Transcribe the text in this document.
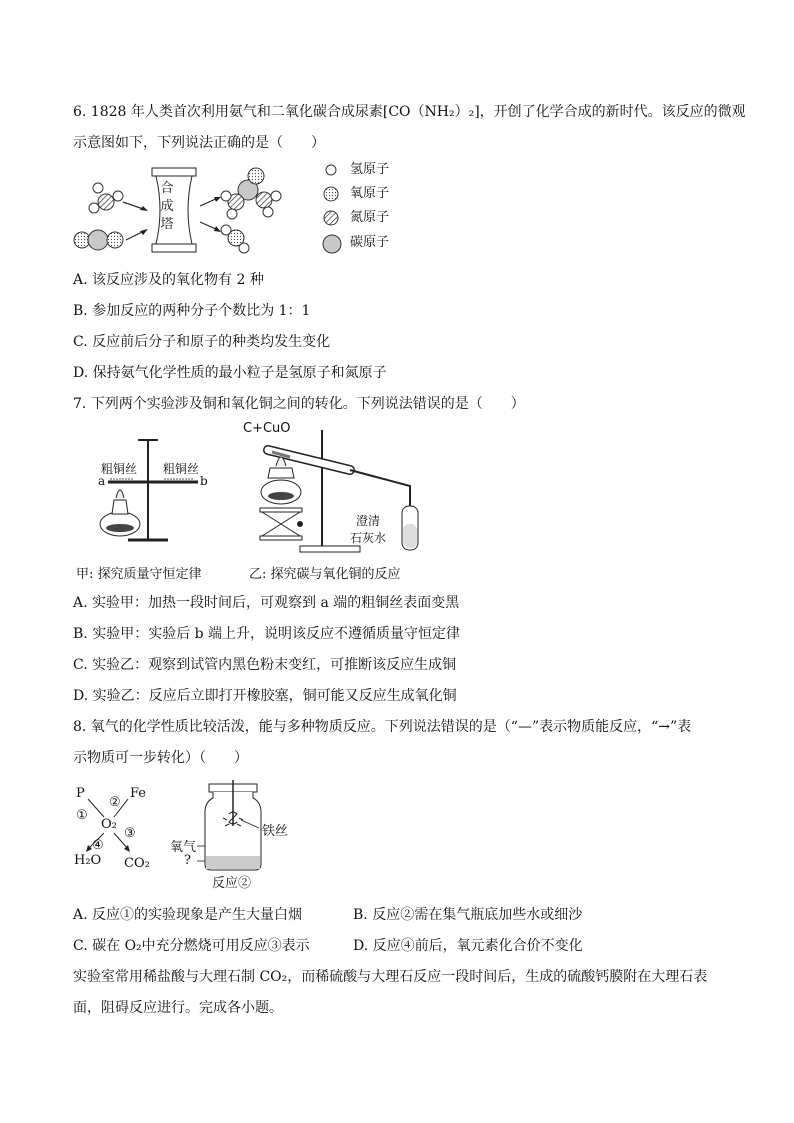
6. 1828 年人类首次利用氨气和二氧化碳合成尿素[CO（NH₂）₂]，开创了化学合成的新时代。该反应的微观
示意图如下，下列说法正确的是（　　）
合
成
塔
氢原子
氧原子
氮原子
碳原子
A. 该反应涉及的氧化物有 2 种
B. 参加反应的两种分子个数比为 1：1
C. 反应前后分子和原子的种类均发生变化
D. 保持氨气化学性质的最小粒子是氢原子和氮原子
7. 下列两个实验涉及铜和氧化铜之间的转化。下列说法错误的是（　　）
粗铜丝 粗铜丝
a	b
甲: 探究质量守恒定律
C+CuO
澄清
石灰水
乙: 探究碳与氧化铜的反应
A. 实验甲：加热一段时间后，可观察到 a 端的粗铜丝表面变黑
B. 实验甲：实验后 b 端上升，说明该反应不遵循质量守恒定律
C. 实验乙：观察到试管内黑色粉末变红，可推断该反应生成铜
D. 实验乙：反应后立即打开橡胶塞，铜可能又反应生成氧化铜
8. 氧气的化学性质比较活泼，能与多种物质反应。下列说法错误的是（“—”表示物质能反应，“→”表
示物质可一步转化）（　　）
P	Fe
①
②
O₂
③
④
H₂O CO₂
铁丝
氧气
?
反应②
A. 反应①的实验现象是产生大量白烟	B. 反应②需在集气瓶底加些水或细沙
C. 碳在 O₂中充分燃烧可用反应③表示	D. 反应④前后，氧元素化合价不变化
实验室常用稀盐酸与大理石制 CO₂，而稀硫酸与大理石反应一段时间后，生成的硫酸钙膜附在大理石表
面，阻碍反应进行。完成各小题。
